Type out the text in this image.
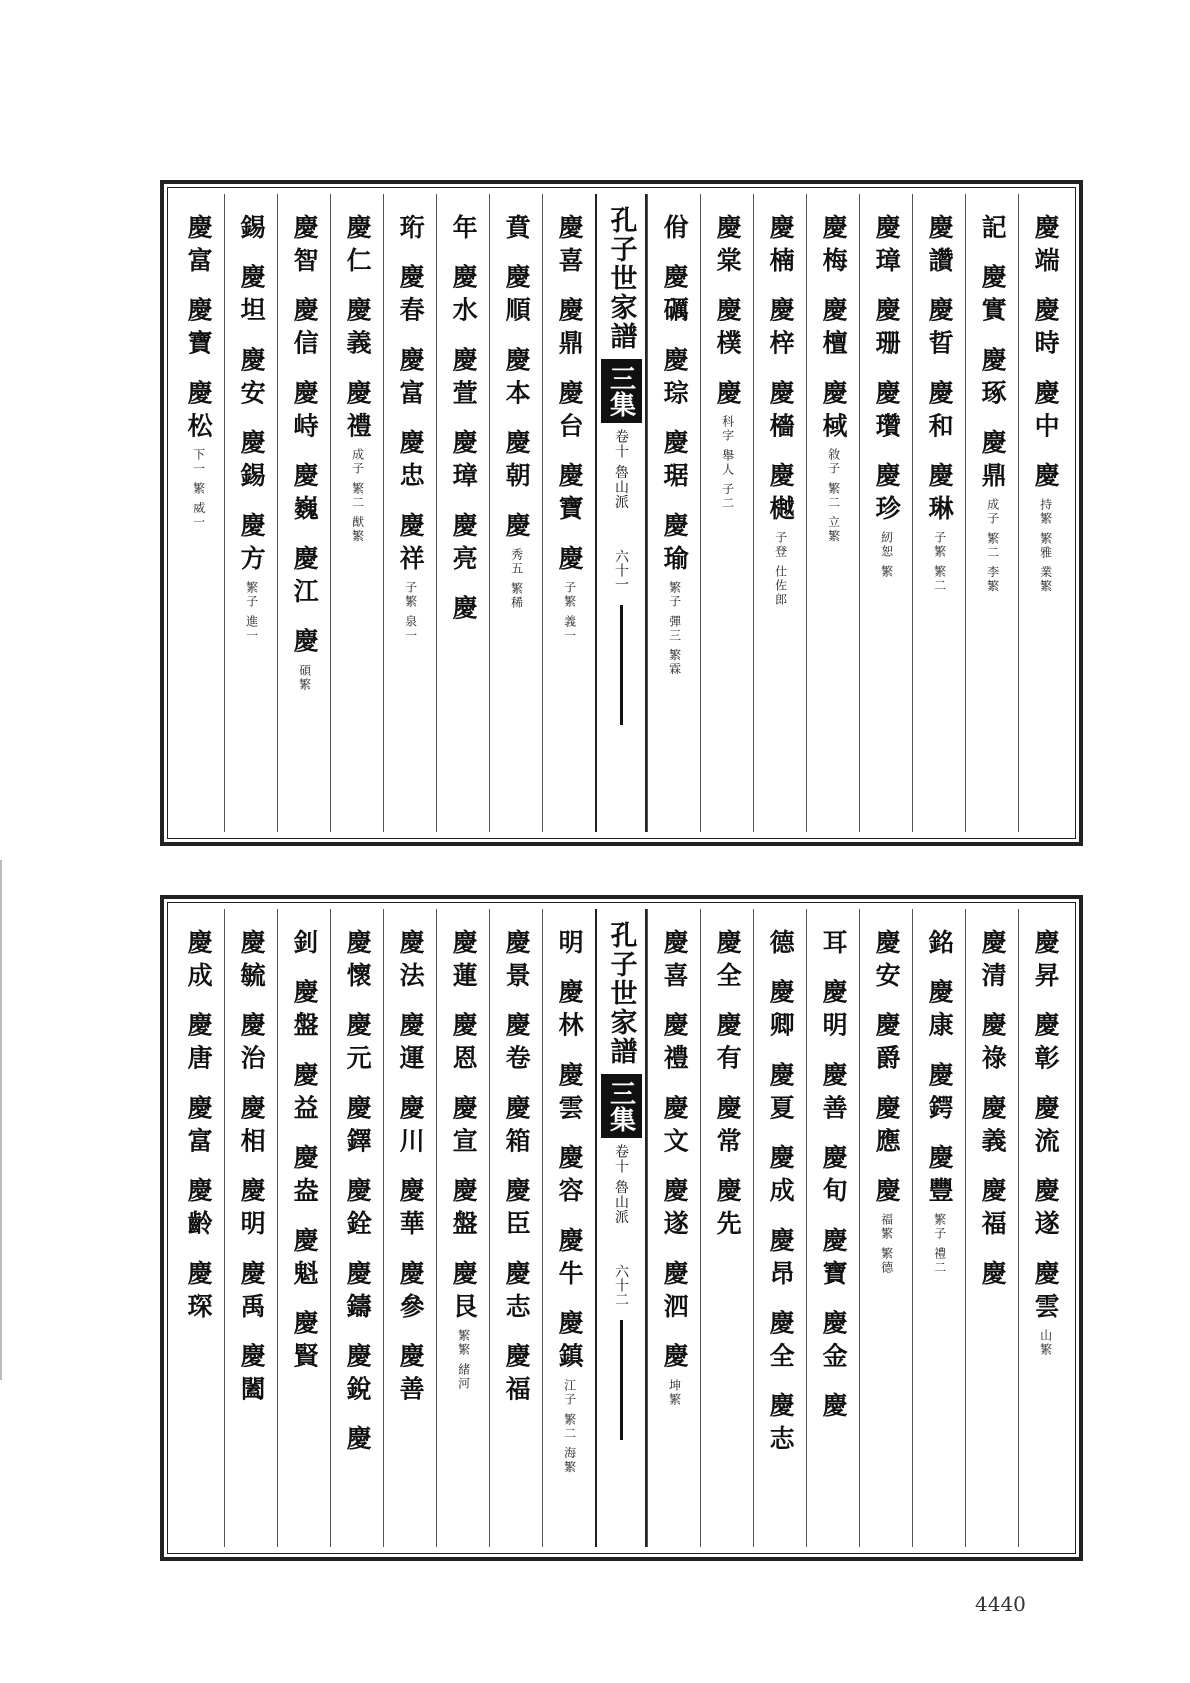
慶端 慶時 慶中 慶
持繁 繁雅 業繁
記 慶實 慶琢 慶鼎
成子 繁二 李繁
慶讚 慶晢 慶和 慶琳
子繁 繁二
慶璋 慶珊 慶瓚 慶珍
紉恕 繁
慶梅 慶檀 慶棫
敘子 繁二 立繁
慶楠 慶梓 慶檣 慶樾
子登 仕佐郎
慶棠 慶樸 慶
科字 舉人 子二
佾 慶礪 慶琮 慶琚 慶瑜
繁子 彈三 繁霖
孔子世家譜
三集
卷十 魯山派
六十一
慶喜 慶鼎 慶台 慶寶 慶
子繁 義一
賁 慶順 慶本 慶朝 慶
秀五 繁稀
年 慶水 慶萱 慶璋 慶亮 慶
珩 慶春 慶富 慶忠 慶祥
子繁 泉一
慶仁 慶義 慶禮
成子 繁二 猷繁
慶智 慶信 慶峙 慶巍 慶江 慶
碩繁
錫 慶坦 慶安 慶錫 慶方
繁子 進一
慶富 慶寶 慶松
下一 繁 威一
慶昇 慶彰 慶流 慶遂 慶雲
山繁
慶清 慶祿 慶義 慶福 慶
銘 慶康 慶鍔 慶豐
繁子 禮二
慶安 慶爵 慶應 慶
福繁 繁德
耳 慶明 慶善 慶旬 慶寶 慶金 慶
德 慶卿 慶夏 慶成 慶昂 慶全 慶志
慶全 慶有 慶常 慶先
慶喜 慶禮 慶文 慶遂 慶泗 慶
坤繁
孔子世家譜
三集
卷十 魯山派
六十二
明 慶林 慶雲 慶容 慶牛 慶鎮
江子 繁二 海繁
慶景 慶卷 慶箱 慶臣 慶志 慶福
慶蓮 慶恩 慶宣 慶盤 慶艮
繁繁 緒河
慶法 慶運 慶川 慶華 慶參 慶善
慶懷 慶元 慶鐸 慶銓 慶鑄 慶銳 慶
釗 慶盤 慶益 慶盎 慶魁 慶賢
慶毓 慶治 慶相 慶明 慶禹 慶闔
慶成 慶唐 慶富 慶齡 慶琛
4440
